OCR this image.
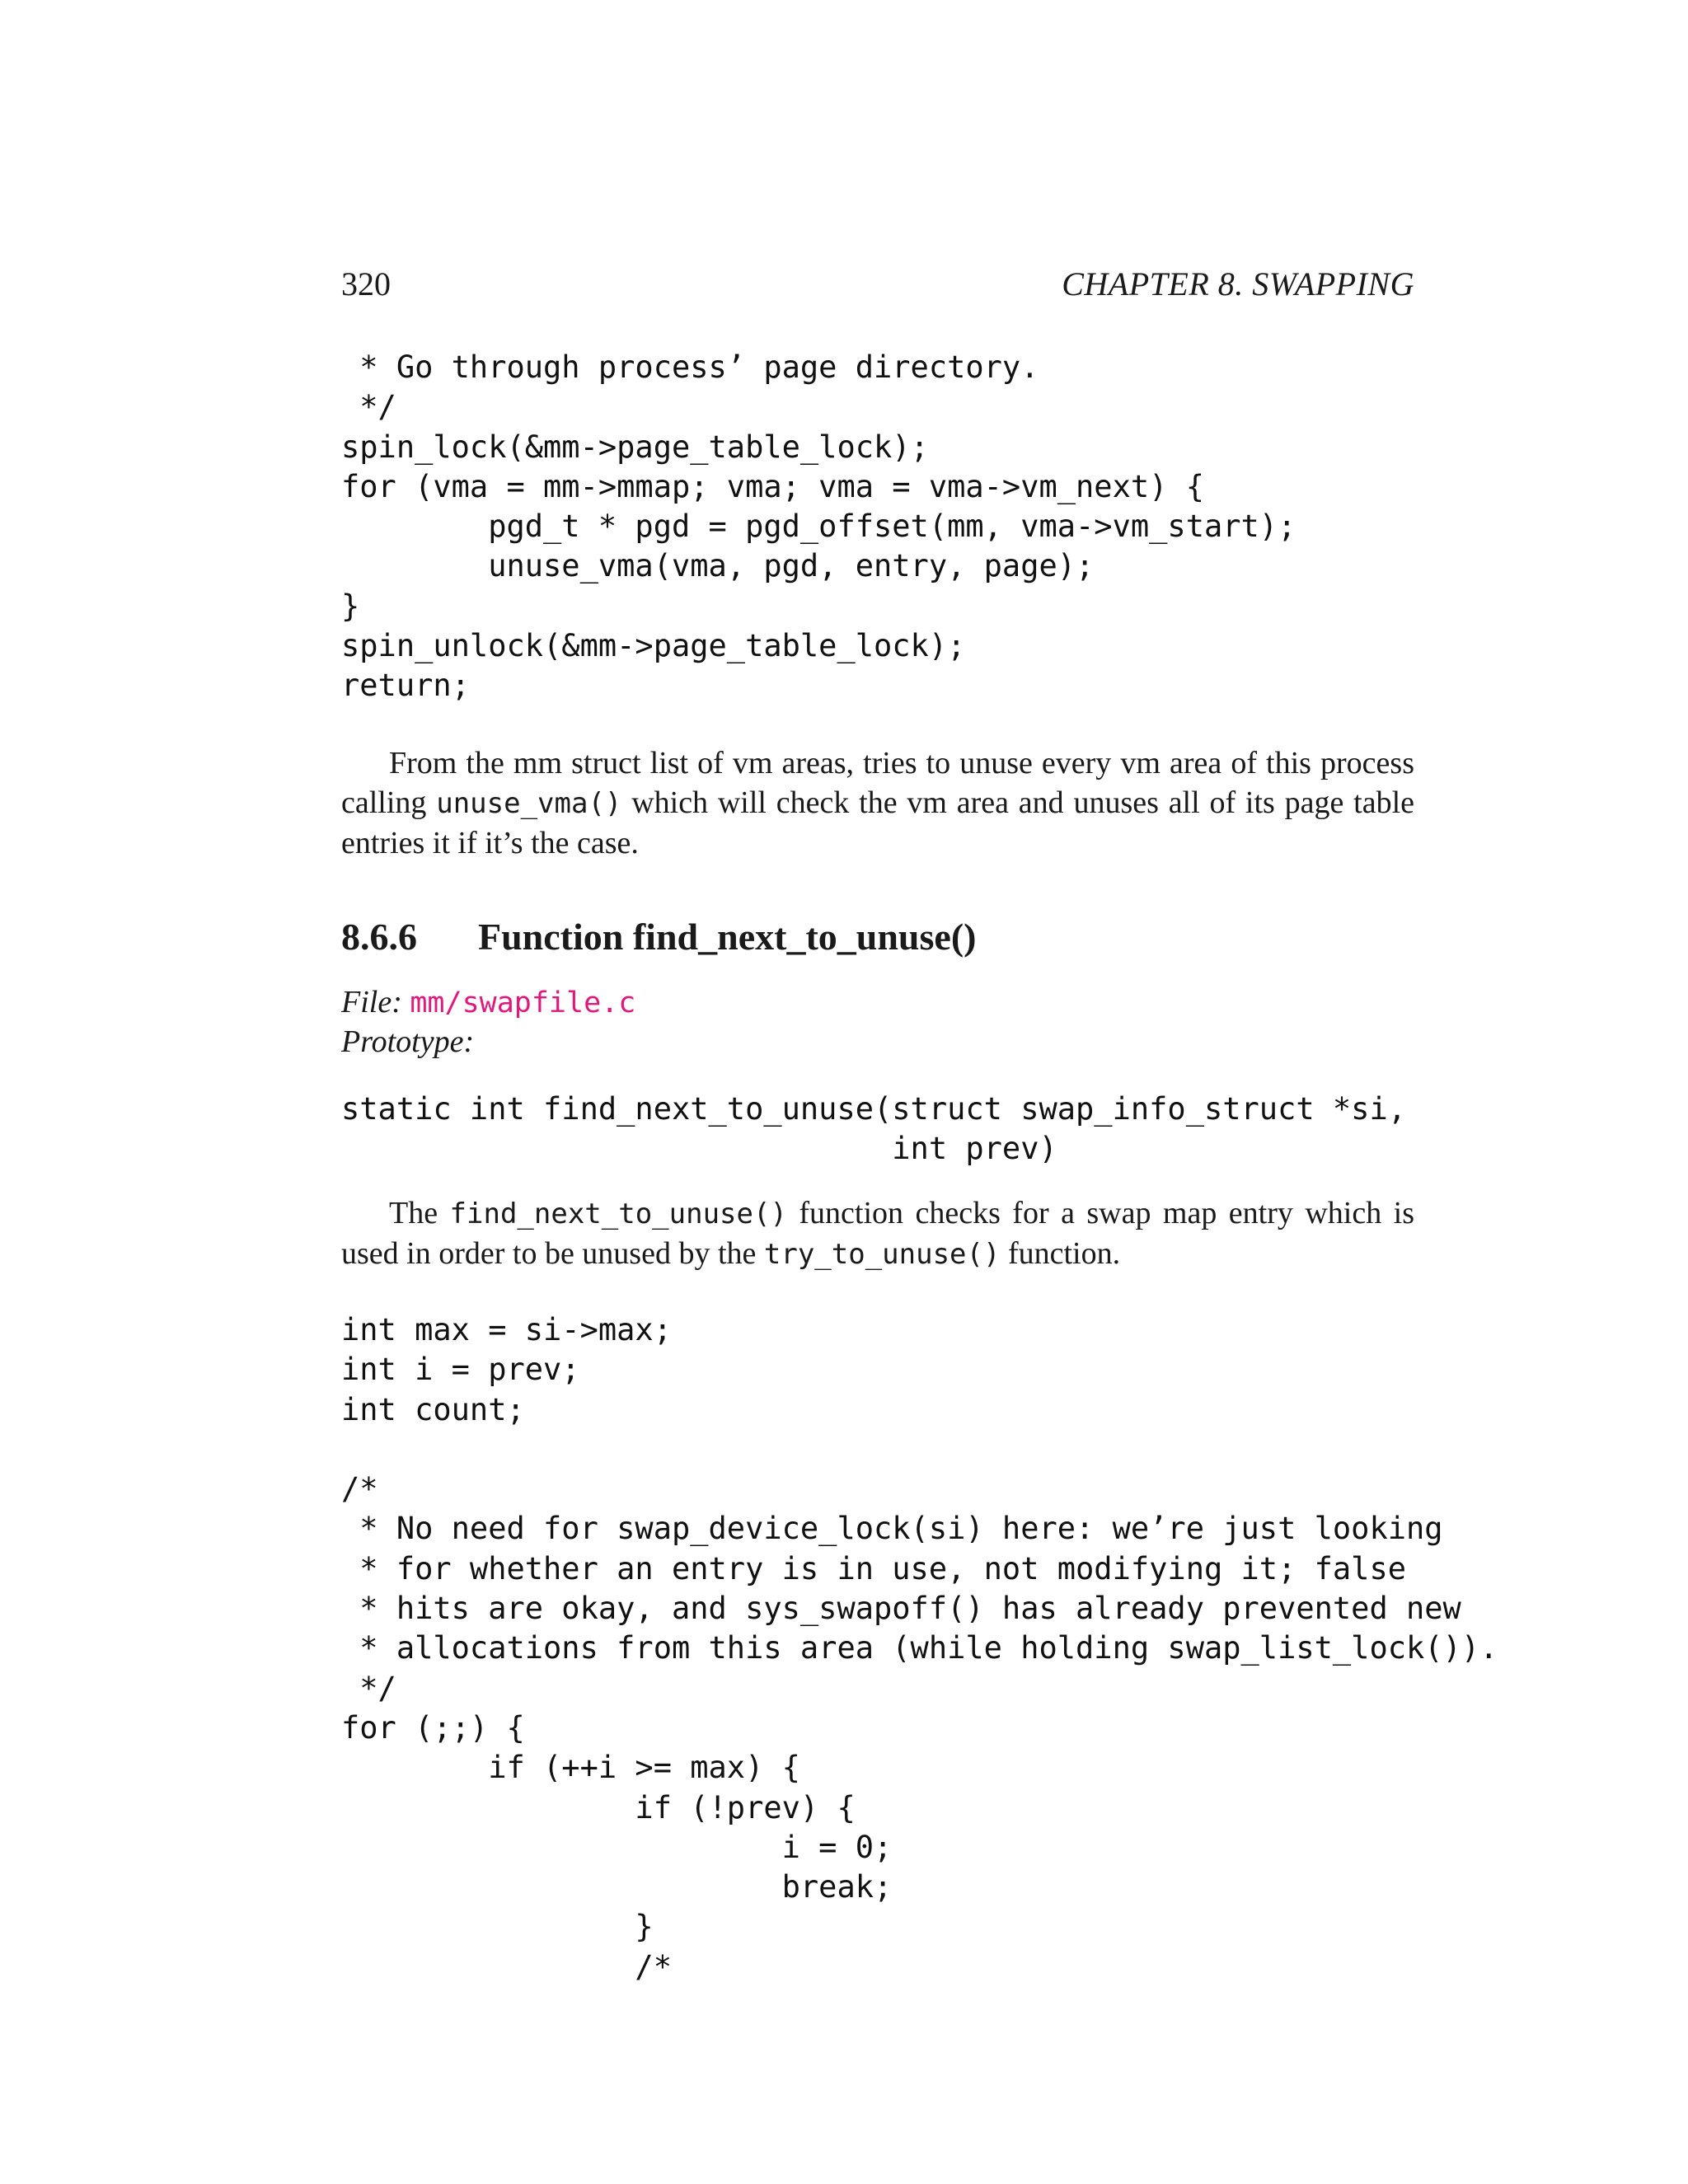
320	CHAPTER 8. SWAPPING
* Go through process’ page directory.
*/
spin_lock(&mm->page_table_lock);
for (vma = mm->mmap; vma; vma = vma->vm_next) {
pgd_t * pgd = pgd_offset(mm, vma->vm_start);
unuse_vma(vma, pgd, entry, page);
}
spin_unlock(&mm->page_table_lock);
return;

From the mm struct list of vm areas, tries to unuse every vm area of this process calling unuse_vma() which will check the vm area and unuses all of its page table entries it if it’s the case.

8.6.6 Function find_next_to_unuse()
File: mm/swapfile.c
Prototype:
static int find_next_to_unuse(struct swap_info_struct *si,
int prev)

The find_next_to_unuse() function checks for a swap map entry which is used in order to be unused by the try_to_unuse() function.

int max = si->max;
int i = prev;
int count;
/*
* No need for swap_device_lock(si) here: we’re just looking
* for whether an entry is in use, not modifying it; false
* hits are okay, and sys_swapoff() has already prevented new
* allocations from this area (while holding swap_list_lock()).
*/
for (;;) {
if (++i >= max) {
if (!prev) {
i = 0;
break;
}
/*
